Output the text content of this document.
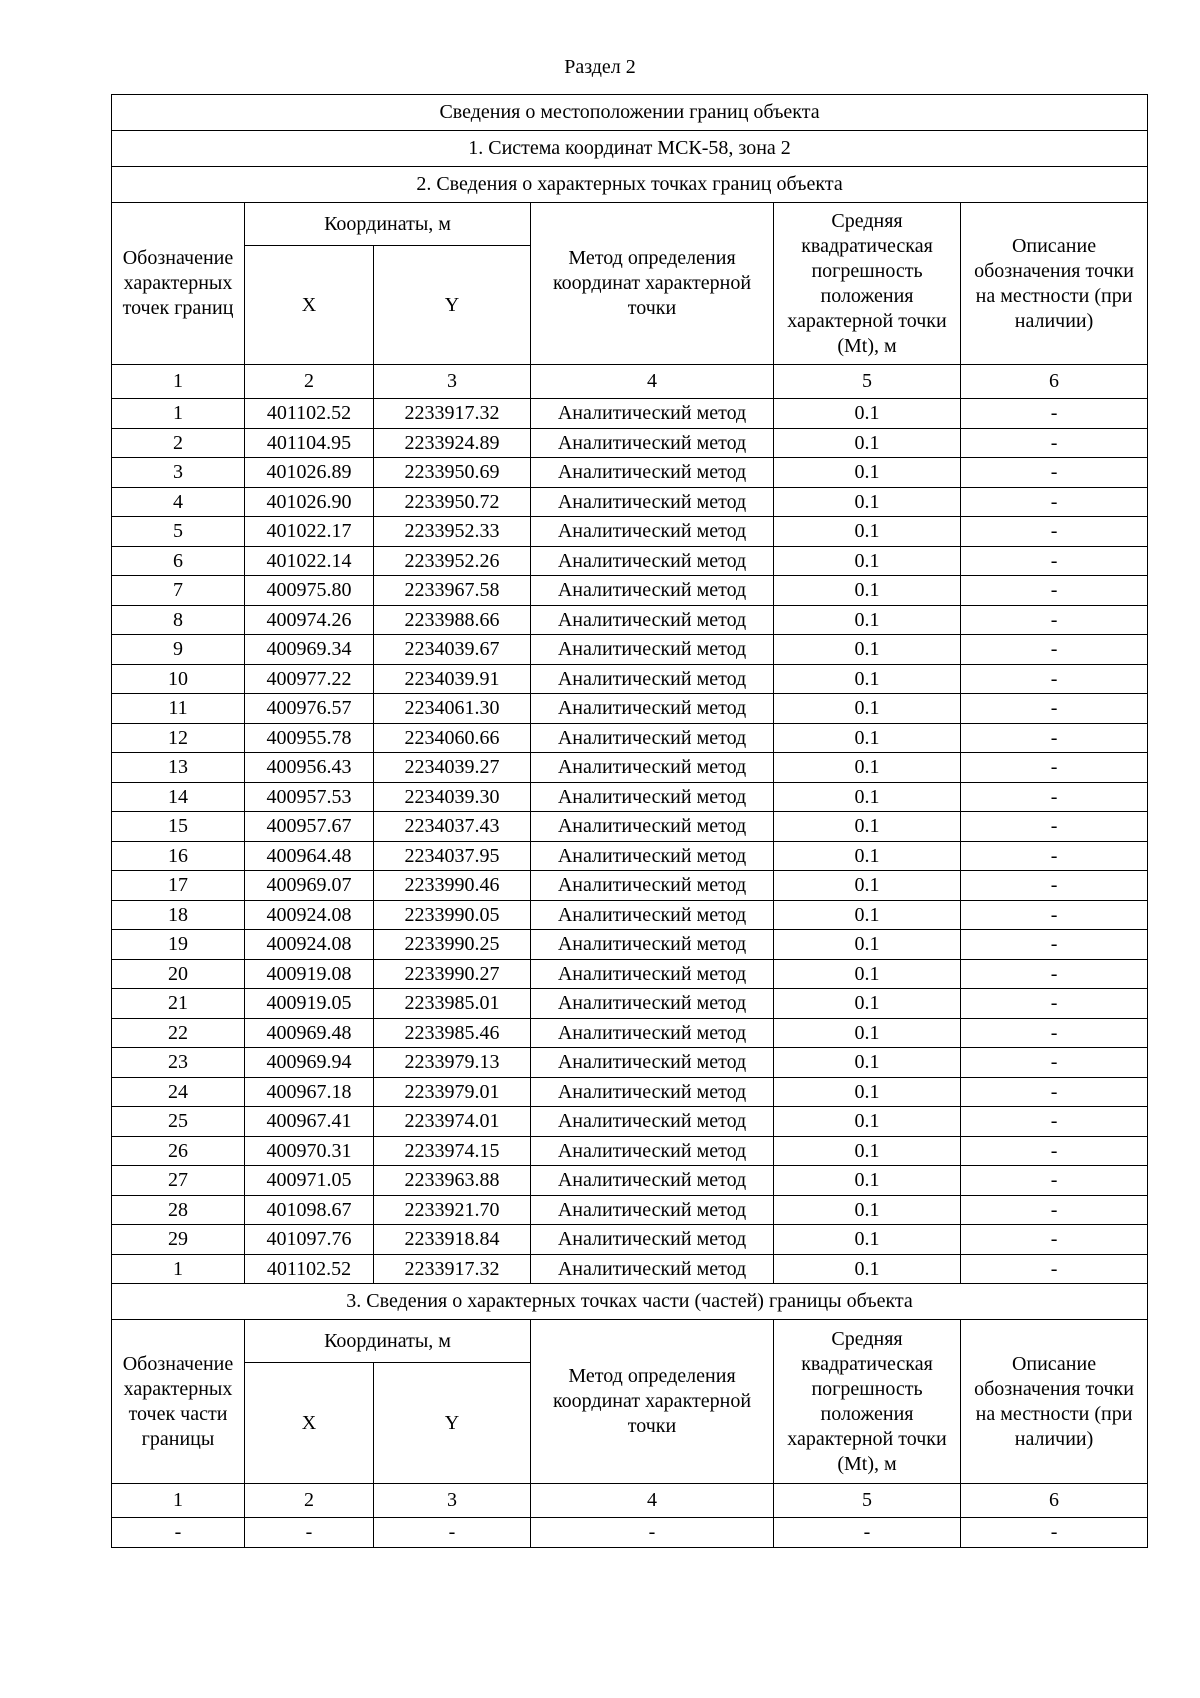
Раздел 2
Сведения о местоположении границ объекта					
1. Система координат МСК-58, зона 2					
2. Сведения о характерных точках границ объекта					
Обозначение характерных точек границ	Координаты, м		Метод определения координат характерной точки	Средняя квадратическая погрешность положения характерной точки (Mt), м	Описание обозначения точки на местности (при наличии)
	X	Y			
1	2	3	4	5	6
1	401102.52	2233917.32	Аналитический метод	0.1	-
2	401104.95	2233924.89	Аналитический метод	0.1	-
3	401026.89	2233950.69	Аналитический метод	0.1	-
4	401026.90	2233950.72	Аналитический метод	0.1	-
5	401022.17	2233952.33	Аналитический метод	0.1	-
6	401022.14	2233952.26	Аналитический метод	0.1	-
7	400975.80	2233967.58	Аналитический метод	0.1	-
8	400974.26	2233988.66	Аналитический метод	0.1	-
9	400969.34	2234039.67	Аналитический метод	0.1	-
10	400977.22	2234039.91	Аналитический метод	0.1	-
11	400976.57	2234061.30	Аналитический метод	0.1	-
12	400955.78	2234060.66	Аналитический метод	0.1	-
13	400956.43	2234039.27	Аналитический метод	0.1	-
14	400957.53	2234039.30	Аналитический метод	0.1	-
15	400957.67	2234037.43	Аналитический метод	0.1	-
16	400964.48	2234037.95	Аналитический метод	0.1	-
17	400969.07	2233990.46	Аналитический метод	0.1	-
18	400924.08	2233990.05	Аналитический метод	0.1	-
19	400924.08	2233990.25	Аналитический метод	0.1	-
20	400919.08	2233990.27	Аналитический метод	0.1	-
21	400919.05	2233985.01	Аналитический метод	0.1	-
22	400969.48	2233985.46	Аналитический метод	0.1	-
23	400969.94	2233979.13	Аналитический метод	0.1	-
24	400967.18	2233979.01	Аналитический метод	0.1	-
25	400967.41	2233974.01	Аналитический метод	0.1	-
26	400970.31	2233974.15	Аналитический метод	0.1	-
27	400971.05	2233963.88	Аналитический метод	0.1	-
28	401098.67	2233921.70	Аналитический метод	0.1	-
29	401097.76	2233918.84	Аналитический метод	0.1	-
1	401102.52	2233917.32	Аналитический метод	0.1	-
3. Сведения о характерных точках части (частей) границы объекта					
Обозначение характерных точек части границы	Координаты, м		Метод определения координат характерной точки	Средняя квадратическая погрешность положения характерной точки (Mt), м	Описание обозначения точки на местности (при наличии)
	X	Y			
1	2	3	4	5	6
-	-	-	-	-	-
